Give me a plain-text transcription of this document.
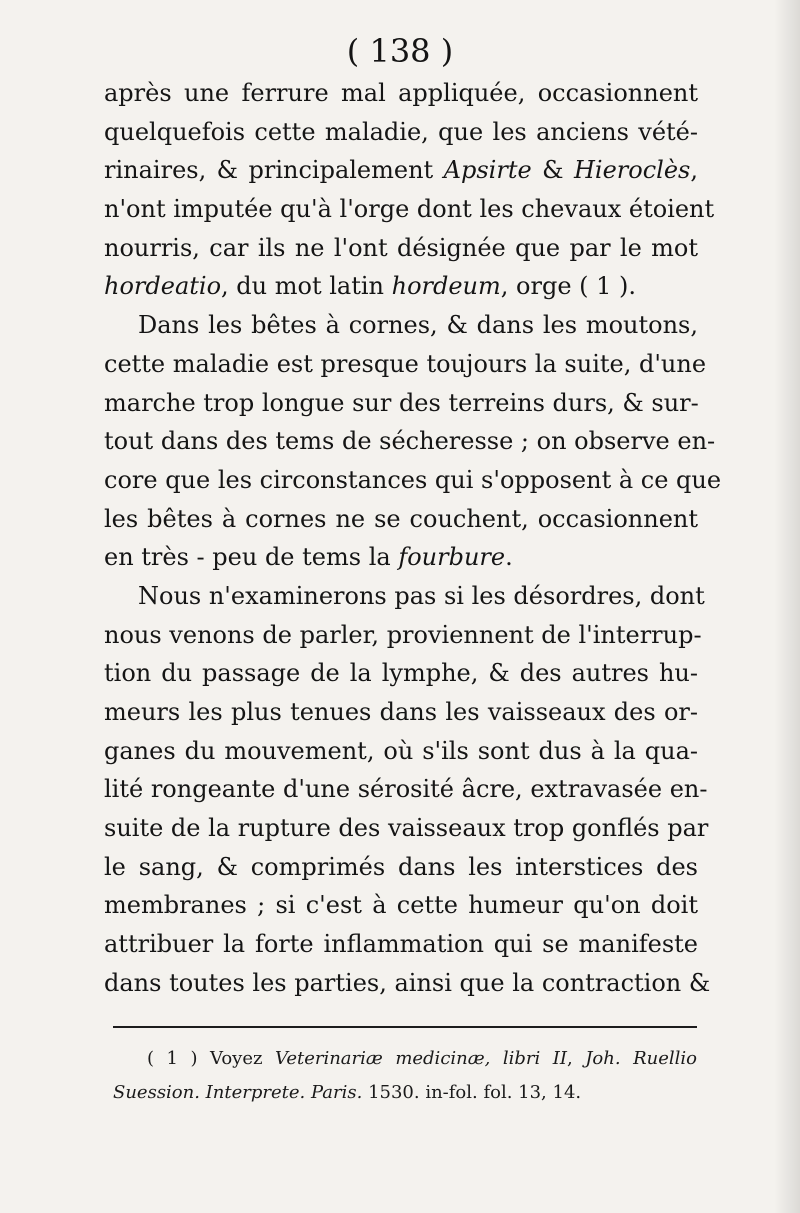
( 138 )

après une ferrure mal appliquée, occasionnent
quelquefois cette maladie, que les anciens vété-
rinaires, & principalement Apsirte & Hieroclès,
n'ont imputée qu'à l'orge dont les chevaux étoient
nourris, car ils ne l'ont désignée que par le mot
hordeatio, du mot latin hordeum, orge ( 1 ).
Dans les bêtes à cornes, & dans les moutons,
cette maladie est presque toujours la suite, d'une
marche trop longue sur des terreins durs, & sur-
tout dans des tems de sécheresse ; on observe en-
core que les circonstances qui s'opposent à ce que
les bêtes à cornes ne se couchent, occasionnent
en très - peu de tems la fourbure.
Nous n'examinerons pas si les désordres, dont
nous venons de parler, proviennent de l'interrup-
tion du passage de la lymphe, & des autres hu-
meurs les plus tenues dans les vaisseaux des or-
ganes du mouvement, où s'ils sont dus à la qua-
lité rongeante d'une sérosité âcre, extravasée en-
suite de la rupture des vaisseaux trop gonflés par
le sang, & comprimés dans les interstices des
membranes ; si c'est à cette humeur qu'on doit
attribuer la forte inflammation qui se manifeste
dans toutes les parties, ainsi que la contraction &
( 1 ) Voyez Veterinariæ medicinæ, libri II, Joh. Ruellio
Suession. Interprete. Paris. 1530. in-fol. fol. 13, 14.
